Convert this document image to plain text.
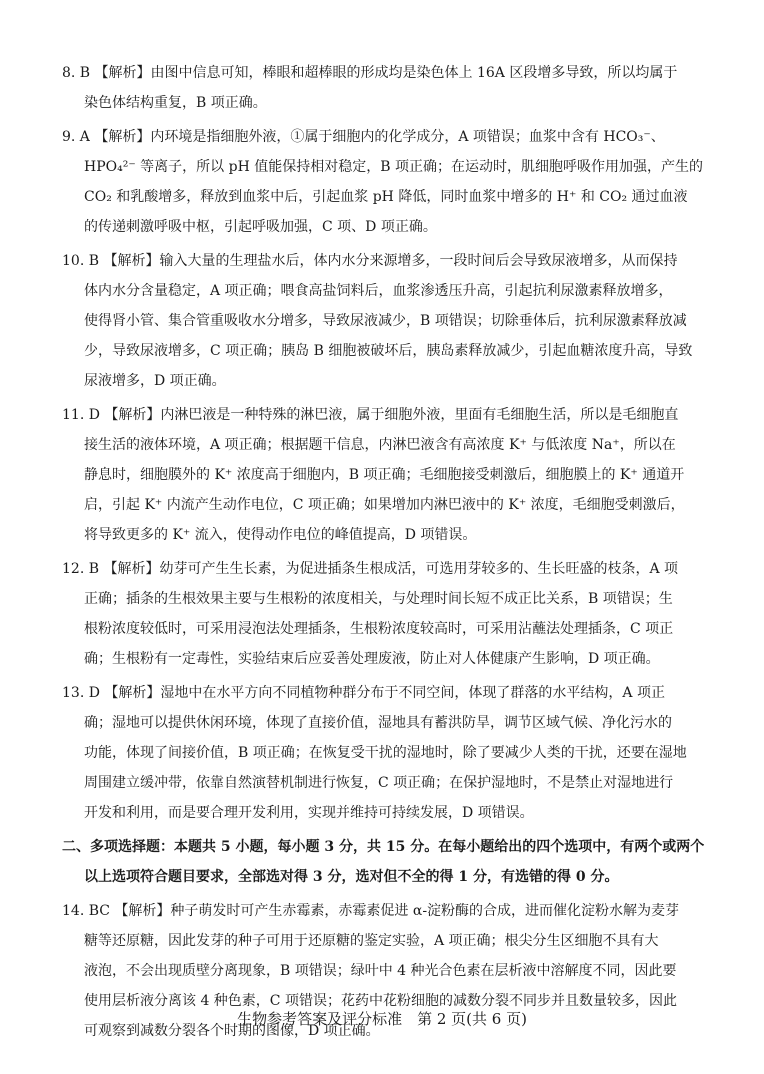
8. B 【解析】由图中信息可知，棒眼和超棒眼的形成均是染色体上 16A 区段增多导致，所以均属于
染色体结构重复，B 项正确。
9. A 【解析】内环境是指细胞外液，①属于细胞内的化学成分，A 项错误；血浆中含有 HCO₃⁻、
HPO₄²⁻ 等离子，所以 pH 值能保持相对稳定，B 项正确；在运动时，肌细胞呼吸作用加强，产生的
CO₂ 和乳酸增多，释放到血浆中后，引起血浆 pH 降低，同时血浆中增多的 H⁺ 和 CO₂ 通过血液
的传递刺激呼吸中枢，引起呼吸加强，C 项、D 项正确。
10. B 【解析】输入大量的生理盐水后，体内水分来源增多，一段时间后会导致尿液增多，从而保持
体内水分含量稳定，A 项正确；喂食高盐饲料后，血浆渗透压升高，引起抗利尿激素释放增多，
使得肾小管、集合管重吸收水分增多，导致尿液减少，B 项错误；切除垂体后，抗利尿激素释放减
少，导致尿液增多，C 项正确；胰岛 B 细胞被破坏后，胰岛素释放减少，引起血糖浓度升高，导致
尿液增多，D 项正确。
11. D 【解析】内淋巴液是一种特殊的淋巴液，属于细胞外液，里面有毛细胞生活，所以是毛细胞直
接生活的液体环境，A 项正确；根据题干信息，内淋巴液含有高浓度 K⁺ 与低浓度 Na⁺，所以在
静息时，细胞膜外的 K⁺ 浓度高于细胞内，B 项正确；毛细胞接受刺激后，细胞膜上的 K⁺ 通道开
启，引起 K⁺ 内流产生动作电位，C 项正确；如果增加内淋巴液中的 K⁺ 浓度，毛细胞受刺激后，
将导致更多的 K⁺ 流入，使得动作电位的峰值提高，D 项错误。
12. B 【解析】幼芽可产生生长素，为促进插条生根成活，可选用芽较多的、生长旺盛的枝条，A 项
正确；插条的生根效果主要与生根粉的浓度相关，与处理时间长短不成正比关系，B 项错误；生
根粉浓度较低时，可采用浸泡法处理插条，生根粉浓度较高时，可采用沾蘸法处理插条，C 项正
确；生根粉有一定毒性，实验结束后应妥善处理废液，防止对人体健康产生影响，D 项正确。
13. D 【解析】湿地中在水平方向不同植物种群分布于不同空间，体现了群落的水平结构，A 项正
确；湿地可以提供休闲环境，体现了直接价值，湿地具有蓄洪防旱，调节区域气候、净化污水的
功能，体现了间接价值，B 项正确；在恢复受干扰的湿地时，除了要减少人类的干扰，还要在湿地
周围建立缓冲带，依靠自然演替机制进行恢复，C 项正确；在保护湿地时，不是禁止对湿地进行
开发和利用，而是要合理开发利用，实现并维持可持续发展，D 项错误。
二、多项选择题：本题共 5 小题，每小题 3 分，共 15 分。在每小题给出的四个选项中，有两个或两个
以上选项符合题目要求，全部选对得 3 分，选对但不全的得 1 分，有选错的得 0 分。
14. BC 【解析】种子萌发时可产生赤霉素，赤霉素促进 α-淀粉酶的合成，进而催化淀粉水解为麦芽
糖等还原糖，因此发芽的种子可用于还原糖的鉴定实验，A 项正确；根尖分生区细胞不具有大
液泡，不会出现质壁分离现象，B 项错误；绿叶中 4 种光合色素在层析液中溶解度不同，因此要
使用层析液分离该 4 种色素，C 项错误；花药中花粉细胞的减数分裂不同步并且数量较多，因此
可观察到减数分裂各个时期的图像，D 项正确。
生物参考答案及评分标准　第 2 页(共 6 页)
